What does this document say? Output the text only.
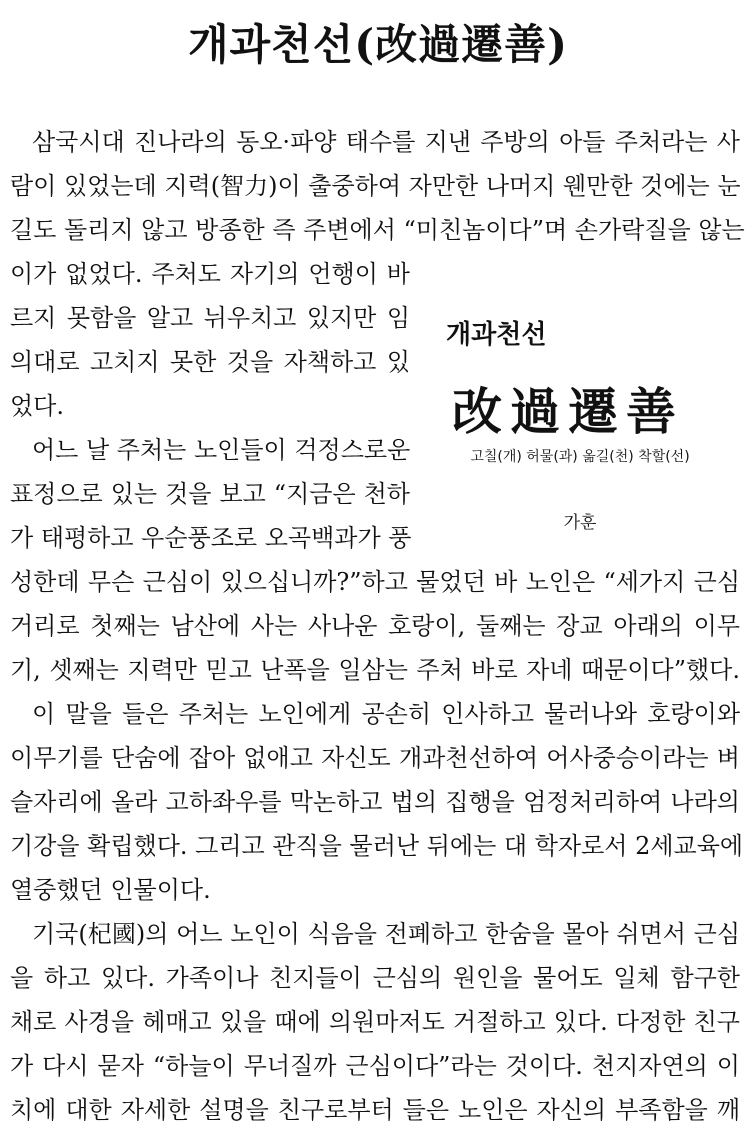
개과천선(改過遷善)
삼국시대 진나라의 동오·파양 태수를 지낸 주방의 아들 주처라는 사
람이 있었는데 지력(智力)이 출중하여 자만한 나머지 웬만한 것에는 눈
길도 돌리지 않고 방종한 즉 주변에서 “미친놈이다”며 손가락질을 않는
이가 없었다. 주처도 자기의 언행이 바
르지 못함을 알고 뉘우치고 있지만 임
의대로 고치지 못한 것을 자책하고 있
었다.
어느 날 주처는 노인들이 걱정스로운
표정으로 있는 것을 보고 “지금은 천하
가 태평하고 우순풍조로 오곡백과가 풍
성한데 무슨 근심이 있으십니까?”하고 물었던 바 노인은 “세가지 근심
거리로 첫째는 남산에 사는 사나운 호랑이, 둘째는 장교 아래의 이무
기, 셋째는 지력만 믿고 난폭을 일삼는 주처 바로 자네 때문이다”했다.
이 말을 들은 주처는 노인에게 공손히 인사하고 물러나와 호랑이와
이무기를 단숨에 잡아 없애고 자신도 개과천선하여 어사중승이라는 벼
슬자리에 올라 고하좌우를 막논하고 법의 집행을 엄정처리하여 나라의
기강을 확립했다. 그리고 관직을 물러난 뒤에는 대 학자로서 2세교육에
열중했던 인물이다.
기국(杞國)의 어느 노인이 식음을 전폐하고 한숨을 몰아 쉬면서 근심
을 하고 있다. 가족이나 친지들이 근심의 원인을 물어도 일체 함구한
채로 사경을 헤매고 있을 때에 의원마저도 거절하고 있다. 다정한 친구
가 다시 묻자 “하늘이 무너질까 근심이다”라는 것이다. 천지자연의 이
치에 대한 자세한 설명을 친구로부터 들은 노인은 자신의 부족함을 깨
개과천선
改過遷善
고칠(개) 허물(과) 옮길(천) 착할(선)
가훈
